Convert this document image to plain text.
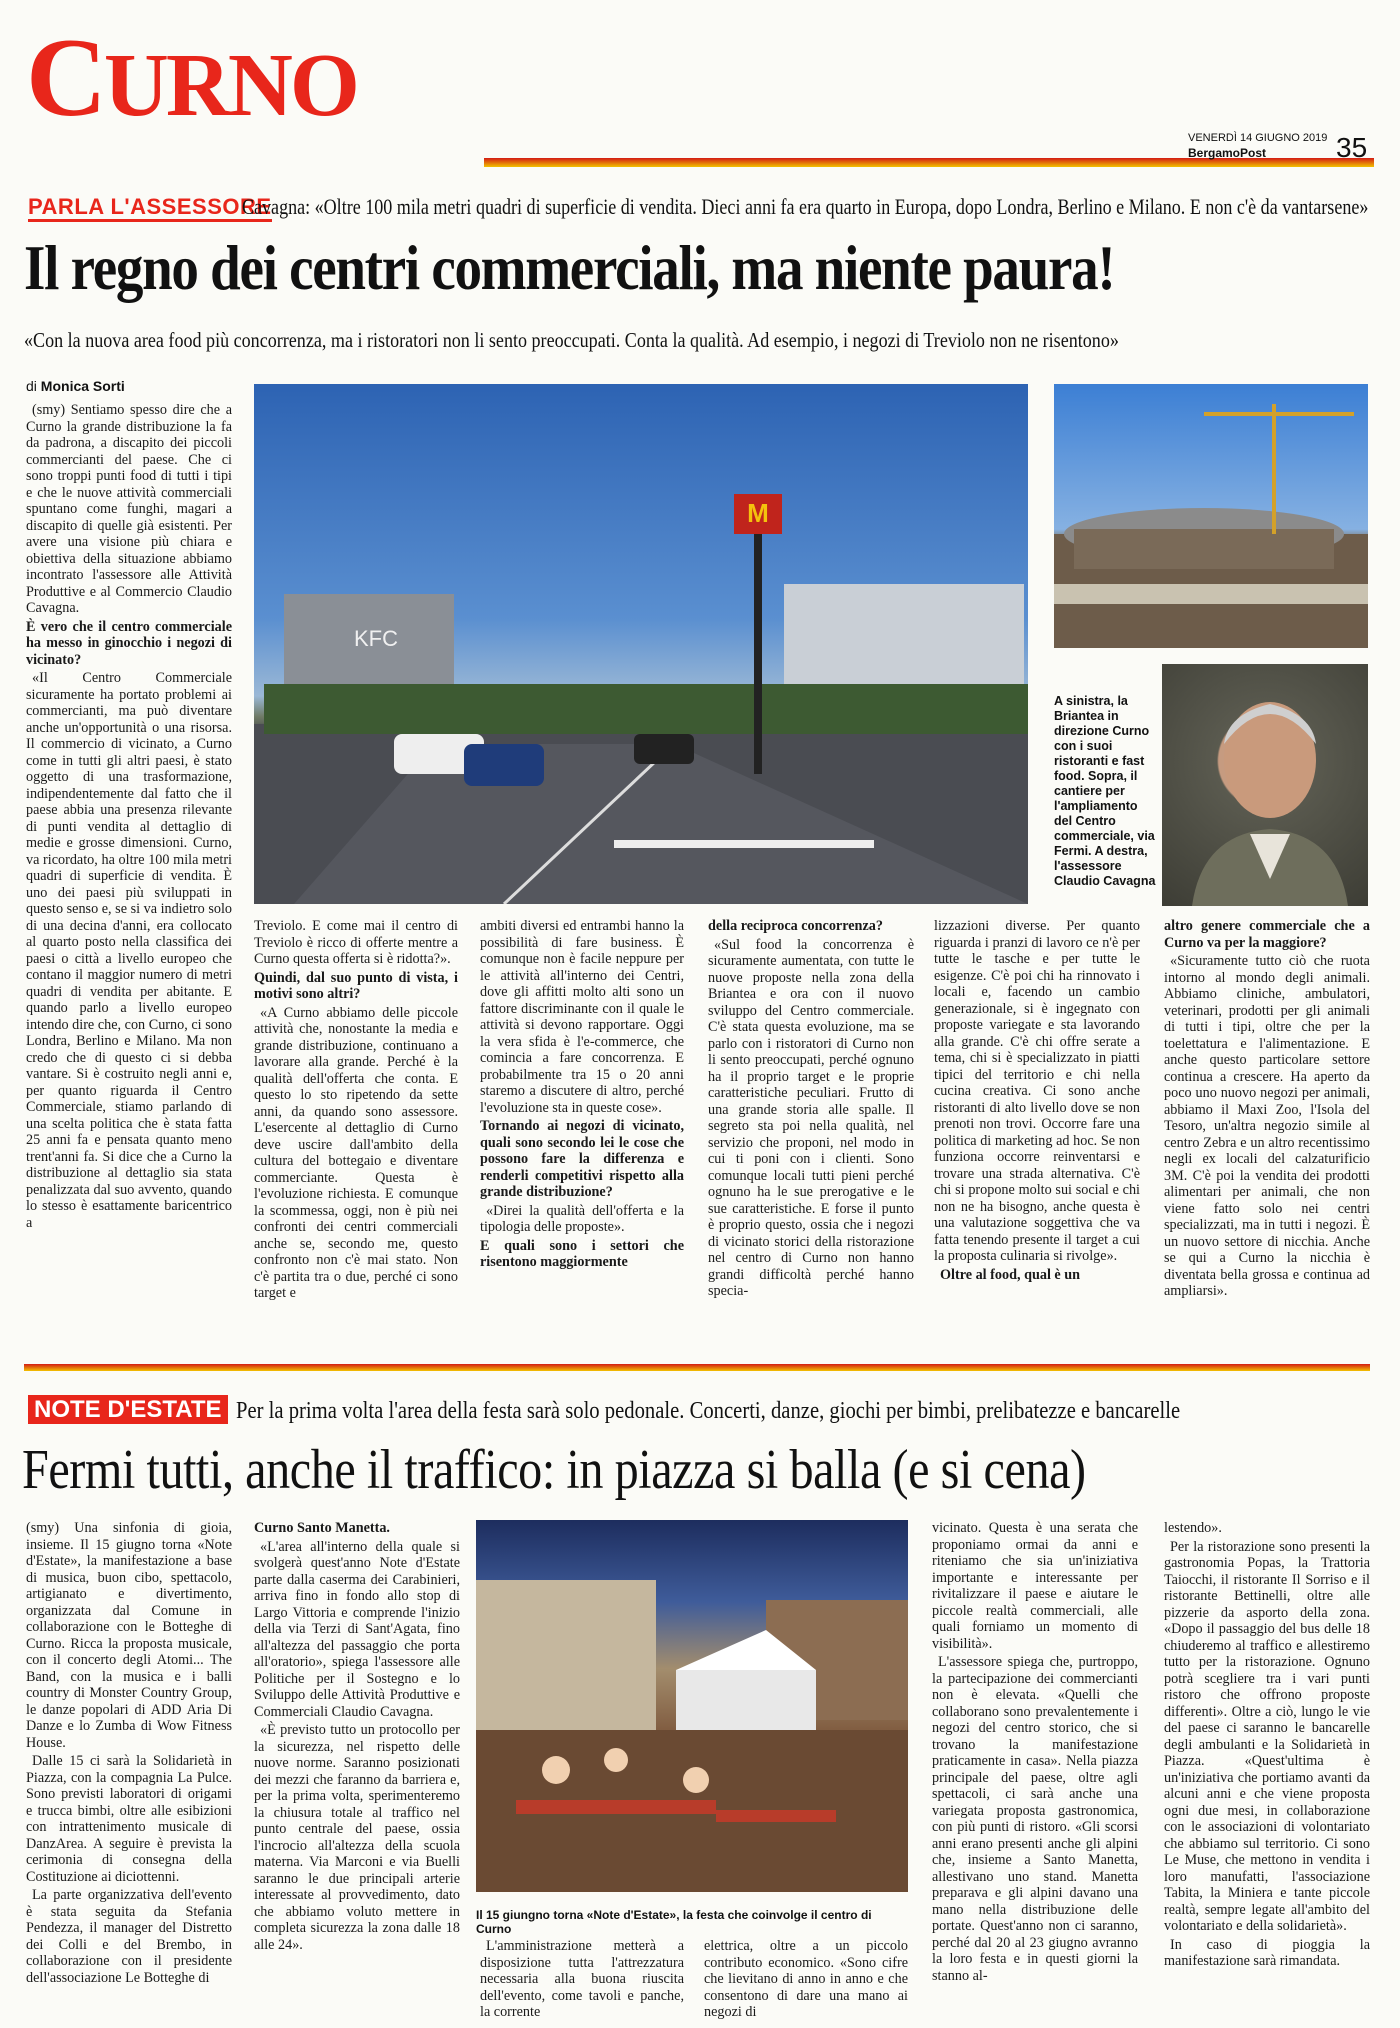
CURNO
VENERDÌ 14 GIUGNO 2019
BergamoPost 35
PARLA L'ASSESSORE
Cavagna: «Oltre 100 mila metri quadri di superficie di vendita. Dieci anni fa era quarto in Europa, dopo Londra, Berlino e Milano. E non c'è da vantarsene»
Il regno dei centri commerciali, ma niente paura!
«Con la nuova area food più concorrenza, ma i ristoratori non li sento preoccupati. Conta la qualità. Ad esempio, i negozi di Treviolo non ne risentono»
di Monica Sorti
M
KFC
A sinistra, la Briantea in direzione Curno con i suoi ristoranti e fast food. Sopra, il cantiere per l'ampliamento del Centro commerciale, via Fermi. A destra, l'assessore Claudio Cavagna

(smy) Sentiamo spesso dire che a Curno la grande distribuzione la fa da padrona, a discapito dei piccoli commercianti del paese. Che ci sono troppi punti food di tutti i tipi e che le nuove attività commerciali spuntano come funghi, magari a discapito di quelle già esistenti. Per avere una visione più chiara e obiettiva della situazione abbiamo incontrato l'assessore alle Attività Produttive e al Commercio Claudio Cavagna.

È vero che il centro commerciale ha messo in ginocchio i negozi di vicinato?

«Il Centro Commerciale sicuramente ha portato problemi ai commercianti, ma può diventare anche un'opportunità o una risorsa. Il commercio di vicinato, a Curno come in tutti gli altri paesi, è stato oggetto di una trasformazione, indipendentemente dal fatto che il paese abbia una presenza rilevante di punti vendita al dettaglio di medie e grosse dimensioni. Curno, va ricordato, ha oltre 100 mila metri quadri di superficie di vendita. È uno dei paesi più sviluppati in questo senso e, se si va indietro solo di una decina d'anni, era collocato al quarto posto nella classifica dei paesi o città a livello europeo che contano il maggior numero di metri quadri di vendita per abitante. E quando parlo a livello europeo intendo dire che, con Curno, ci sono Londra, Berlino e Milano. Ma non credo che di questo ci si debba vantare. Si è costruito negli anni e, per quanto riguarda il Centro Commerciale, stiamo parlando di una scelta politica che è stata fatta 25 anni fa e pensata quanto meno trent'anni fa. Si dice che a Curno la distribuzione al dettaglio sia stata penalizzata dal suo avvento, quando lo stesso è esattamente baricentrico a

Treviolo. E come mai il centro di Treviolo è ricco di offerte mentre a Curno questa offerta si è ridotta?».

Quindi, dal suo punto di vista, i motivi sono altri?

«A Curno abbiamo delle piccole attività che, nonostante la media e grande distribuzione, continuano a lavorare alla grande. Perché è la qualità dell'offerta che conta. E questo lo sto ripetendo da sette anni, da quando sono assessore. L'esercente al dettaglio di Curno deve uscire dall'ambito della cultura del bottegaio e diventare commerciante. Questa è l'evoluzione richiesta. E comunque la scommessa, oggi, non è più nei confronti dei centri commerciali anche se, secondo me, questo confronto non c'è mai stato. Non c'è partita tra o due, perché ci sono target e

ambiti diversi ed entrambi hanno la possibilità di fare business. È comunque non è facile neppure per le attività all'interno dei Centri, dove gli affitti molto alti sono un fattore discriminante con il quale le attività si devono rapportare. Oggi la vera sfida è l'e-commerce, che comincia a fare concorrenza. E probabilmente tra 15 o 20 anni staremo a discutere di altro, perché l'evoluzione sta in queste cose».

Tornando ai negozi di vicinato, quali sono secondo lei le cose che possono fare la differenza e renderli competitivi rispetto alla grande distribuzione?

«Direi la qualità dell'offerta e la tipologia delle proposte».

E quali sono i settori che risentono maggiormente

della reciproca concorrenza?

«Sul food la concorrenza è sicuramente aumentata, con tutte le nuove proposte nella zona della Briantea e ora con il nuovo sviluppo del Centro commerciale. C'è stata questa evoluzione, ma se parlo con i ristoratori di Curno non li sento preoccupati, perché ognuno ha il proprio target e le proprie caratteristiche peculiari. Frutto di una grande storia alle spalle. Il segreto sta poi nella qualità, nel servizio che proponi, nel modo in cui ti poni con i clienti. Sono comunque locali tutti pieni perché ognuno ha le sue prerogative e le sue caratteristiche. E forse il punto è proprio questo, ossia che i negozi di vicinato storici della ristorazione nel centro di Curno non hanno grandi difficoltà perché hanno specia-

lizzazioni diverse. Per quanto riguarda i pranzi di lavoro ce n'è per tutte le tasche e per tutte le esigenze. C'è poi chi ha rinnovato i locali e, facendo un cambio generazionale, si è ingegnato con proposte variegate e sta lavorando alla grande. C'è chi offre serate a tema, chi si è specializzato in piatti tipici del territorio e chi nella cucina creativa. Ci sono anche ristoranti di alto livello dove se non prenoti non trovi. Occorre fare una politica di marketing ad hoc. Se non funziona occorre reinventarsi e trovare una strada alternativa. C'è chi si propone molto sui social e chi non ne ha bisogno, anche questa è una valutazione soggettiva che va fatta tenendo presente il target a cui la proposta culinaria si rivolge».

Oltre al food, qual è un

altro genere commerciale che a Curno va per la maggiore?

«Sicuramente tutto ciò che ruota intorno al mondo degli animali. Abbiamo cliniche, ambulatori, veterinari, prodotti per gli animali di tutti i tipi, oltre che per la toelettatura e l'alimentazione. E anche questo particolare settore continua a crescere. Ha aperto da poco uno nuovo negozi per animali, abbiamo il Maxi Zoo, l'Isola del Tesoro, un'altra negozio simile al centro Zebra e un altro recentissimo negli ex locali del calzaturificio 3M. C'è poi la vendita dei prodotti alimentari per animali, che non viene fatto solo nei centri specializzati, ma in tutti i negozi. È un nuovo settore di nicchia. Anche se qui a Curno la nicchia è diventata bella grossa e continua ad ampliarsi».

NOTE D'ESTATE Per la prima volta l'area della festa sarà solo pedonale. Concerti, danze, giochi per bimbi, prelibatezze e bancarelle
Fermi tutti, anche il traffico: in piazza si balla (e si cena)
Il 15 giungno torna «Note d'Estate», la festa che coinvolge il centro di Curno

(smy) Una sinfonia di gioia, insieme. Il 15 giugno torna «Note d'Estate», la manifestazione a base di musica, buon cibo, spettacolo, artigianato e divertimento, organizzata dal Comune in collaborazione con le Botteghe di Curno. Ricca la proposta musicale, con il concerto degli Atomi... The Band, con la musica e i balli country di Monster Country Group, le danze popolari di ADD Aria Di Danze e lo Zumba di Wow Fitness House.

Dalle 15 ci sarà la Solidarietà in Piazza, con la compagnia La Pulce. Sono previsti laboratori di origami e trucca bimbi, oltre alle esibizioni con intrattenimento musicale di DanzArea. A seguire è prevista la cerimonia di consegna della Costituzione ai diciottenni.

La parte organizzativa dell'evento è stata seguita da Stefania Pendezza, il manager del Distretto dei Colli e del Brembo, in collaborazione con il presidente dell'associazione Le Botteghe di

Curno Santo Manetta.

«L'area all'interno della quale si svolgerà quest'anno Note d'Estate parte dalla caserma dei Carabinieri, arriva fino in fondo allo stop di Largo Vittoria e comprende l'inizio della via Terzi di Sant'Agata, fino all'altezza del passaggio che porta all'oratorio», spiega l'assessore alle Politiche per il Sostegno e lo Sviluppo delle Attività Produttive e Commerciali Claudio Cavagna.

«È previsto tutto un protocollo per la sicurezza, nel rispetto delle nuove norme. Saranno posizionati dei mezzi che faranno da barriera e, per la prima volta, sperimenteremo la chiusura totale al traffico nel punto centrale del paese, ossia l'incrocio all'altezza della scuola materna. Via Marconi e via Buelli saranno le due principali arterie interessate al provvedimento, dato che abbiamo voluto mettere in completa sicurezza la zona dalle 18 alle 24».	L'amministrazione metterà a disposizione tutta l'attrezzatura necessaria alla buona riuscita dell'evento, come tavoli e panche, la corrente

elettrica, oltre a un piccolo contributo economico. «Sono cifre che lievitano di anno in anno e che consentono di dare una mano ai negozi di

vicinato. Questa è una serata che proponiamo ormai da anni e riteniamo che sia un'iniziativa importante e interessante per rivitalizzare il paese e aiutare le piccole realtà commerciali, alle quali forniamo un momento di visibilità».

L'assessore spiega che, purtroppo, la partecipazione dei commercianti non è elevata. «Quelli che collaborano sono prevalentemente i negozi del centro storico, che si trovano la manifestazione praticamente in casa». Nella piazza principale del paese, oltre agli spettacoli, ci sarà anche una variegata proposta gastronomica, con più punti di ristoro. «Gli scorsi anni erano presenti anche gli alpini che, insieme a Santo Manetta, allestivano uno stand. Manetta preparava e gli alpini davano una mano nella distribuzione delle portate. Quest'anno non ci saranno, perché dal 20 al 23 giugno avranno la loro festa e in questi giorni la stanno al-

lestendo».

Per la ristorazione sono presenti la gastronomia Popas, la Trattoria Taiocchi, il ristorante Il Sorriso e il ristorante Bettinelli, oltre alle pizzerie da asporto della zona. «Dopo il passaggio del bus delle 18 chiuderemo al traffico e allestiremo tutto per la ristorazione. Ognuno potrà scegliere tra i vari punti ristoro che offrono proposte differenti». Oltre a ciò, lungo le vie del paese ci saranno le bancarelle degli ambulanti e la Solidarietà in Piazza. «Quest'ultima è un'iniziativa che portiamo avanti da alcuni anni e che viene proposta ogni due mesi, in collaborazione con le associazioni di volontariato che abbiamo sul territorio. Ci sono Le Muse, che mettono in vendita i loro manufatti, l'associazione Tabita, la Miniera e tante piccole realtà, sempre legate all'ambito del volontariato e della solidarietà».

In caso di pioggia la manifestazione sarà rimandata.
